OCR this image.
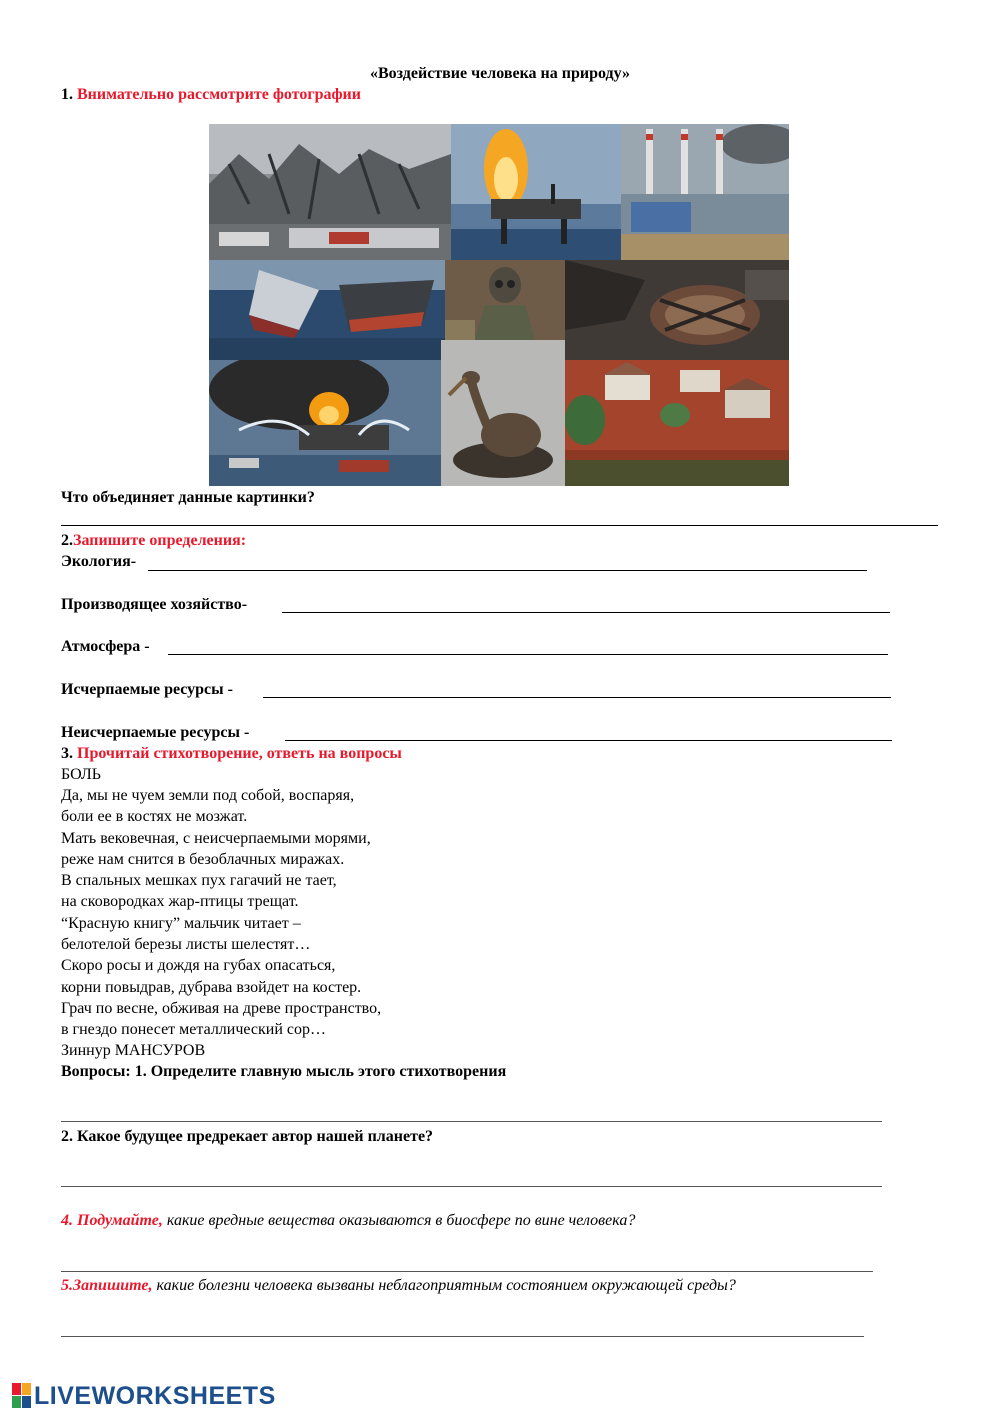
«Воздействие человека на природу»
1. Внимательно рассмотрите фотографии
Что объединяет данные картинки?
2.Запишите определения:
Экология-
Производящее хозяйство-
Атмосфера -
Исчерпаемые ресурсы -
Неисчерпаемые ресурсы -
3. Прочитай стихотворение, ответь на вопросы
БОЛЬ
Да, мы не чуем земли под собой, воспаряя,
боли ее в костях не мозжат.
Мать вековечная, с неисчерпаемыми морями,
реже нам снится в безоблачных миражах.
В спальных мешках пух гагачий не тает,
на сковородках жар-птицы трещат.
“Красную книгу” мальчик читает –
белотелой березы листы шелестят…
Скоро росы и дождя на губах опасаться,
корни повыдрав, дубрава взойдет на костер.
Грач по весне, обживая на древе пространство,
в гнездо понесет металлический сор…
Зиннур МАНСУРОВ
Вопросы: 1. Определите главную мысль этого стихотворения
2. Какое будущее предрекает автор нашей планете?
4. Подумайте, какие вредные вещества оказываются в биосфере по вине человека?
5.Запишите, какие болезни человека вызваны неблагоприятным состоянием окружающей среды?
LIVEWORKSHEETS
